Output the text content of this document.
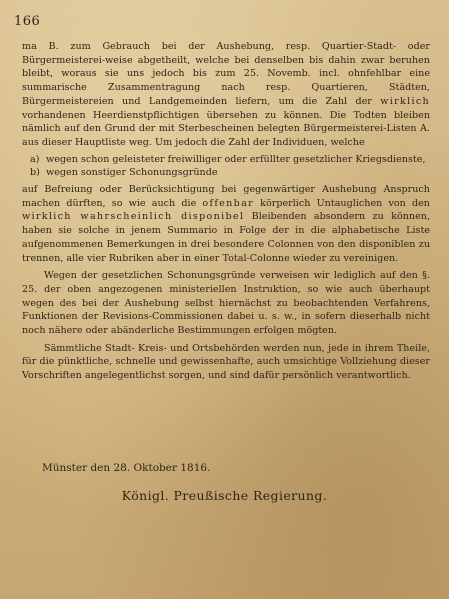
166

ma B. zum Gebrauch bei der Aushebung, resp. Quartier-Stadt- oder Bürgermeisterei-weise abgetheilt, welche bei denselben bis dahin zwar beruhen bleibt, woraus sie uns jedoch bis zum 25. Novemb. incl. ohnfehlbar eine summarische Zusammentragung nach resp. Quartieren, Städten, Bürgermeistereien und Landgemeinden liefern, um die Zahl der wirklich vorhandenen Heerdienstpflichtigen übersehen zu können. Die Todten bleiben nämlich auf den Grund der mit Sterbescheinen belegten Bürgermeisterei-Listen A. aus dieser Hauptliste weg. Um jedoch die Zahl der Individuen, welche

a) wegen schon geleisteter freiwilliger oder erfüllter gesetzlicher Kriegsdienste,
b) wegen sonstiger Schonungsgründe

auf Befreiung oder Berücksichtigung bei gegenwärtiger Aushebung Anspruch machen dürften, so wie auch die offenbar körperlich Untauglichen von den wirklich wahrscheinlich disponibel Bleibenden absondern zu können, haben sie solche in jenem Summario in Folge der in die alphabetische Liste aufgenommenen Bemerkungen in drei besondere Colonnen von den disponiblen zu trennen, alle vier Rubriken aber in einer Total-Colonne wieder zu vereinigen.

Wegen der gesetzlichen Schonungsgründe verweisen wir lediglich auf den §. 25. der oben angezogenen ministeriellen Instruktion, so wie auch überhaupt wegen des bei der Aushebung selbst hiernächst zu beobachtenden Verfahrens, Funktionen der Revisions-Commissionen dabei u. s. w., in sofern dieserhalb nicht noch nähere oder abänderliche Bestimmungen erfolgen mögten.

Sämmtliche Stadt- Kreis- und Ortsbehörden werden nun, jede in ihrem Theile, für die pünktliche, schnelle und gewissenhafte, auch umsichtige Vollziehung dieser Vorschriften angelegentlichst sorgen, und sind dafür persönlich verantwortlich.

Münster den 28. Oktober 1816.
Königl. Preußische Regierung.
